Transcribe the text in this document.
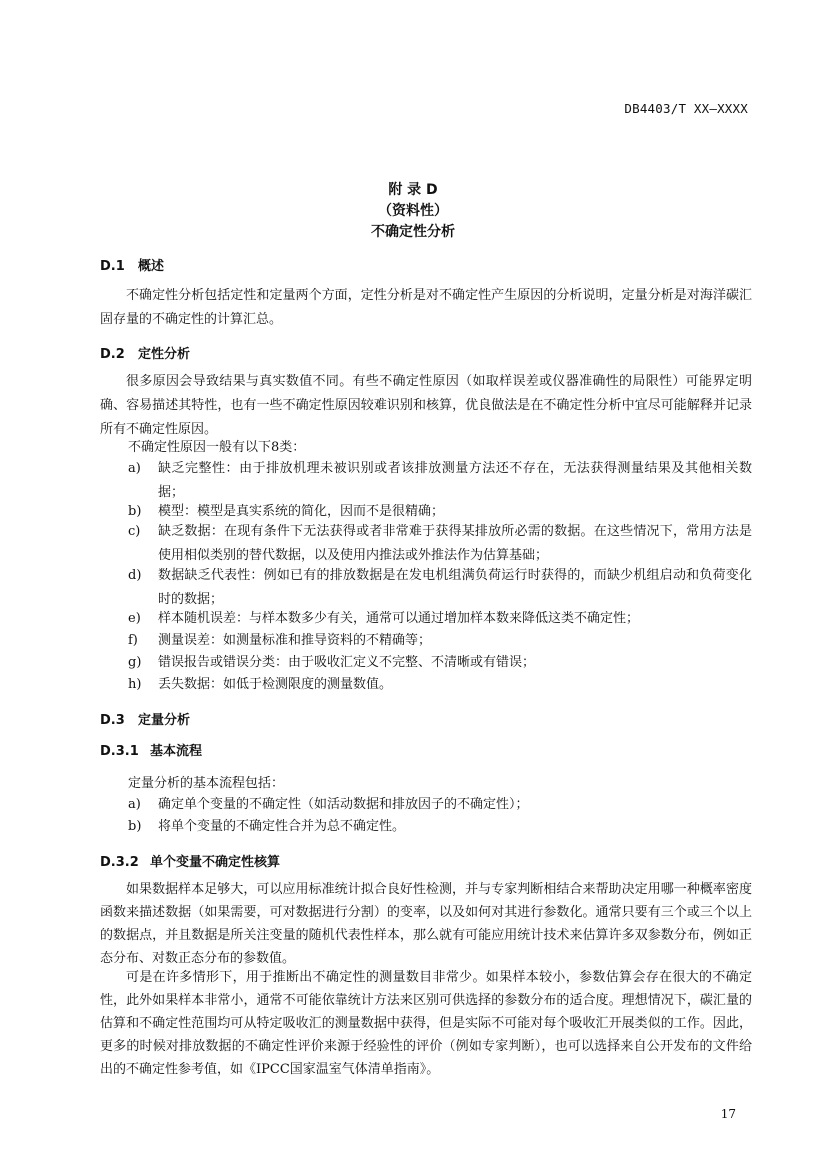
DB4403/T XX—XXXX
附 录 D
（资料性）
不确定性分析
D.1 概述
不确定性分析包括定性和定量两个方面，定性分析是对不确定性产生原因的分析说明，定量分析是对海洋碳汇固存量的不确定性的计算汇总。
D.2 定性分析
很多原因会导致结果与真实数值不同。有些不确定性原因（如取样误差或仪器准确性的局限性）可能界定明确、容易描述其特性，也有一些不确定性原因较难识别和核算，优良做法是在不确定性分析中宜尽可能解释并记录所有不确定性原因。
不确定性原因一般有以下8类：
a) 缺乏完整性：由于排放机理未被识别或者该排放测量方法还不存在，无法获得测量结果及其他相关数据；
b) 模型：模型是真实系统的简化，因而不是很精确；
c) 缺乏数据：在现有条件下无法获得或者非常难于获得某排放所必需的数据。在这些情况下，常用方法是使用相似类别的替代数据，以及使用内推法或外推法作为估算基础；
d) 数据缺乏代表性：例如已有的排放数据是在发电机组满负荷运行时获得的，而缺少机组启动和负荷变化时的数据；
e) 样本随机误差：与样本数多少有关，通常可以通过增加样本数来降低这类不确定性；
f) 测量误差：如测量标准和推导资料的不精确等；
g) 错误报告或错误分类：由于吸收汇定义不完整、不清晰或有错误；
h) 丢失数据：如低于检测限度的测量数值。
D.3 定量分析
D.3.1 基本流程
定量分析的基本流程包括：
a) 确定单个变量的不确定性（如活动数据和排放因子的不确定性）；
b) 将单个变量的不确定性合并为总不确定性。
D.3.2 单个变量不确定性核算
如果数据样本足够大，可以应用标准统计拟合良好性检测，并与专家判断相结合来帮助决定用哪一种概率密度函数来描述数据（如果需要，可对数据进行分割）的变率，以及如何对其进行参数化。通常只要有三个或三个以上的数据点，并且数据是所关注变量的随机代表性样本，那么就有可能应用统计技术来估算许多双参数分布，例如正态分布、对数正态分布的参数值。
可是在许多情形下，用于推断出不确定性的测量数目非常少。如果样本较小，参数估算会存在很大的不确定性，此外如果样本非常小，通常不可能依靠统计方法来区别可供选择的参数分布的适合度。理想情况下，碳汇量的估算和不确定性范围均可从特定吸收汇的测量数据中获得，但是实际不可能对每个吸收汇开展类似的工作。因此，更多的时候对排放数据的不确定性评价来源于经验性的评价（例如专家判断），也可以选择来自公开发布的文件给出的不确定性参考值，如《IPCC国家温室气体清单指南》。
17
